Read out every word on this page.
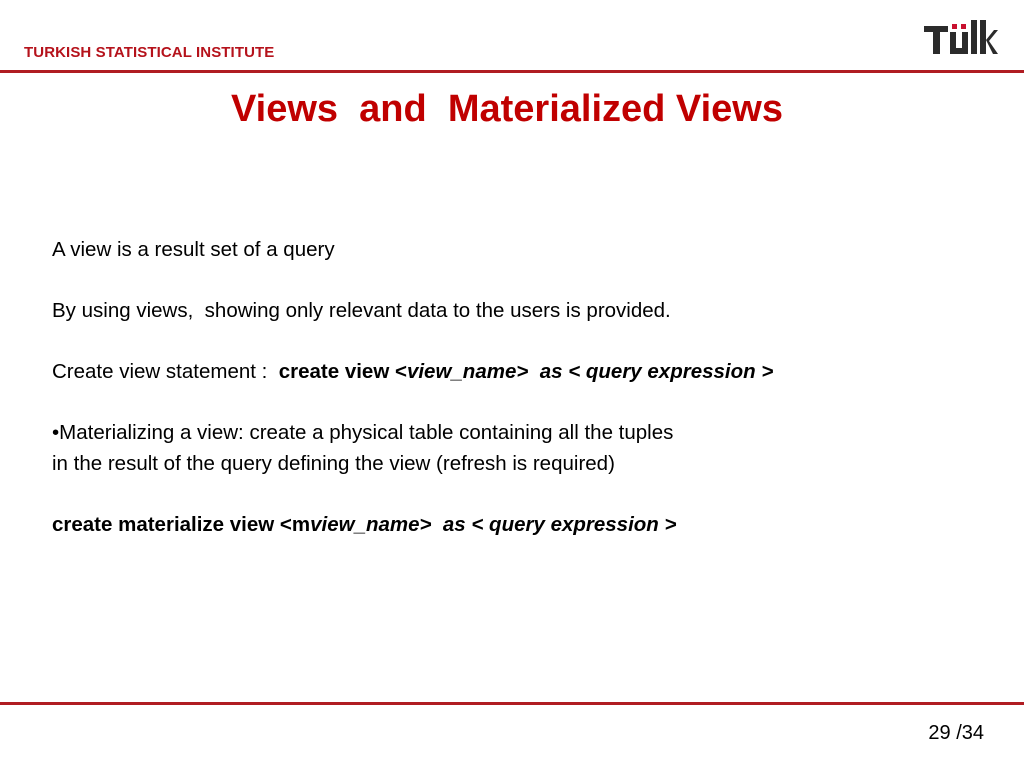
TURKISH STATISTICAL INSTITUTE
Views  and  Materialized Views

A view is a result set of a query

By using views,  showing only relevant data to the users is provided.

Create view statement :  create view <view_name>  as < query expression >

•Materializing a view: create a physical table containing all the tuples

in the result of the query defining the view (refresh is required)

create materialize view <mview_name>  as < query expression >

29 /34
